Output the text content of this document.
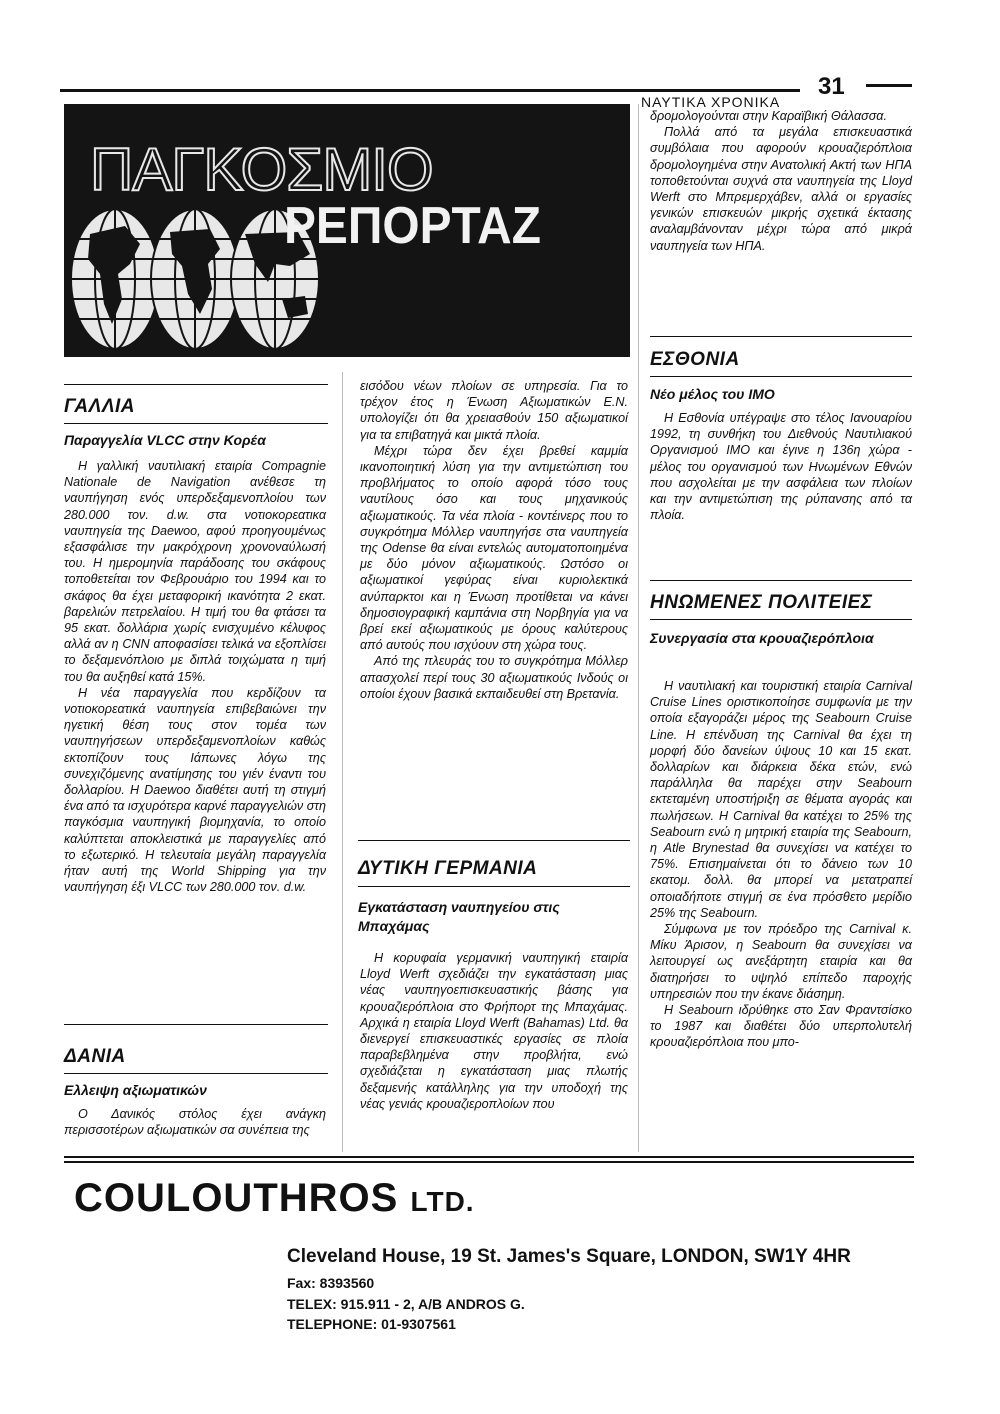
ΝΑΥΤΙΚΑ ΧΡΟΝΙΚΑ
31
ΠΑΓΚΟΣΜΙΟ
ΡΕΠΟΡΤΑΖ
ΓΑΛΛΙΑ
Παραγγελία VLCC στην Κορέα

Η γαλλική ναυτιλιακή εταιρία Compagnie Nationale de Navigation ανέθεσε τη ναυπήγηση ενός υπερδεξαμενοπλοίου των 280.000 τον. d.w. στα νοτιοκορεατικα ναυπηγεία της Daewoo, αφού προηγουμένως εξασφάλισε την μακρόχρονη χρονοναύλωσή του. Η ημερομηνία παράδοσης του σκάφους τοποθετείται τον Φεβρουάριο του 1994 και το σκάφος θα έχει μεταφορική ικανότητα 2 εκατ. βαρελιών πετρελαίου. Η τιμή του θα φτάσει τα 95 εκατ. δολλάρια χωρίς ενισχυμένο κέλυφος αλλά αν η CNN αποφασίσει τελικά να εξοπλίσει το δεξαμενόπλοιο με διπλά τοιχώματα η τιμή του θα αυξηθεί κατά 15%.

Η νέα παραγγελία που κερδίζουν τα νοτιοκορεατικά ναυπηγεία επιβεβαιώνει την ηγετική θέση τους στον τομέα των ναυπηγήσεων υπερδεξαμενοπλοίων καθώς εκτοπίζουν τους Ιάπωνες λόγω της συνεχιζόμενης ανατίμησης του γιέν έναντι του δολλαρίου. Η Daewoo διαθέτει αυτή τη στιγμή ένα από τα ισχυρότερα καρνέ παραγγελιών στη παγκόσμια ναυπηγική βιομηχανία, το οποίο καλύπτεται αποκλειστικά με παραγγελίες από το εξωτερικό. Η τελευταία μεγάλη παραγγελία ήταν αυτή της World Shipping για την ναυπήγηση έξι VLCC των 280.000 τον. d.w.

ΔΑΝΙΑ
Ελλειψη αξιωματικών

Ο Δανικός στόλος έχει ανάγκη περισσοτέρων αξιωματικών σα συνέπεια της

εισόδου νέων πλοίων σε υπηρεσία. Για το τρέχον έτος η Ένωση Αξιωματικών Ε.Ν. υπολογίζει ότι θα χρειασθούν 150 αξιωματικοί για τα επιβατηγά και μικτά πλοία.

Μέχρι τώρα δεν έχει βρεθεί καμμία ικανοποιητική λύση για την αντιμετώπιση του προβλήματος το οποίο αφορά τόσο τους ναυτίλους όσο και τους μηχανικούς αξιωματικούς. Τα νέα πλοία - κοντέινερς που το συγκρότημα Μόλλερ ναυπηγήσε στα ναυπηγεία της Odense θα είναι εντελώς αυτοματοποιημένα με δύο μόνον αξιωματικούς. Ωστόσο οι αξιωματικοί γεφύρας είναι κυριολεκτικά ανύπαρκτοι και η Ένωση προτίθεται να κάνει δημοσιογραφική καμπάνια στη Νορβηγία για να βρεί εκεί αξιωματικούς με όρους καλύτερους από αυτούς που ισχύουν στη χώρα τους.

Από της πλευράς του το συγκρότημα Μόλλερ απασχολεί περί τους 30 αξιωματικούς Ινδούς οι οποίοι έχουν βασικά εκπαιδευθεί στη Βρετανία.

ΔΥΤΙΚΗ ΓΕΡΜΑΝΙΑ
Εγκατάσταση ναυπηγείου στις Μπαχάμας

Η κορυφαία γερμανική ναυπηγική εταιρία Lloyd Werft σχεδιάζει την εγκατάσταση μιας νέας ναυπηγοεπισκευαστικής βάσης για κρουαζιερόπλοια στο Φρήπορτ της Μπαχάμας. Αρχικά η εταιρία Lloyd Werft (Bahamas) Ltd. θα διενεργεί επισκευαστικές εργασίες σε πλοία παραβεβλημένα στην προβλήτα, ενώ σχεδιάζεται η εγκατάσταση μιας πλωτής δεξαμενής κατάλληλης για την υποδοχή της νέας γενιάς κρουαζιεροπλοίων που

δρομολογούνται στην Καραϊβική Θάλασσα.

Πολλά από τα μεγάλα επισκευαστικά συμβόλαια που αφορούν κρουαζιερόπλοια δρομολογημένα στην Ανατολική Ακτή των ΗΠΑ τοποθετούνται συχνά στα ναυπηγεία της Lloyd Werft στο Μπρεμερχάβεν, αλλά οι εργασίες γενικών επισκευών μικρής σχετικά έκτασης αναλαμβάνονταν μέχρι τώρα από μικρά ναυπηγεία των ΗΠΑ.

ΕΣΘΟΝΙΑ
Νέο μέλος του ΙΜΟ

Η Εσθονία υπέγραψε στο τέλος Ιανουαρίου 1992, τη συνθήκη του Διεθνούς Ναυτιλιακού Οργανισμού ΙΜΟ και έγινε η 136η χώρα - μέλος του οργανισμού των Ηνωμένων Εθνών που ασχολείται με την ασφάλεια των πλοίων και την αντιμετώπιση της ρύπανσης από τα πλοία.

ΗΝΩΜΕΝΕΣ ΠΟΛΙΤΕΙΕΣ
Συνεργασία στα κρουαζιερόπλοια

Η ναυτιλιακή και τουριστική εταιρία Carnival Cruise Lines οριστικοποίησε συμφωνία με την οποία εξαγοράζει μέρος της Seabourn Cruise Line. Η επένδυση της Carnival θα έχει τη μορφή δύο δανείων ύψους 10 και 15 εκατ. δολλαρίων και διάρκεια δέκα ετών, ενώ παράλληλα θα παρέχει στην Seabourn εκτεταμένη υποστήριξη σε θέματα αγοράς και πωλήσεων. Η Carnival θα κατέχει το 25% της Seabourn ενώ η μητρική εταιρία της Seabourn, η Atle Brynestad θα συνεχίσει να κατέχει το 75%. Επισημαίνεται ότι το δάνειο των 10 εκατομ. δολλ. θα μπορεί να μετατραπεί οποιαδήποτε στιγμή σε ένα πρόσθετο μερίδιο 25% της Seabourn.

Σύμφωνα με τον πρόεδρο της Carnival κ. Μίκυ Άρισον, η Seabourn θα συνεχίσει να λειτουργεί ως ανεξάρτητη εταιρία και θα διατηρήσει το υψηλό επίπεδο παροχής υπηρεσιών που την έκανε διάσημη.

Η Seabourn ιδρύθηκε στο Σαν Φραντσίσκο το 1987 και διαθέτει δύο υπερπολυτελή κρουαζιερόπλοια που μπο-

COULOUTHROS LTD.
Cleveland House, 19 St. James's Square, LONDON, SW1Y 4HR
Fax: 8393560
TELEX: 915.911 - 2, A/B ANDROS G.
TELEPHONE: 01-9307561
